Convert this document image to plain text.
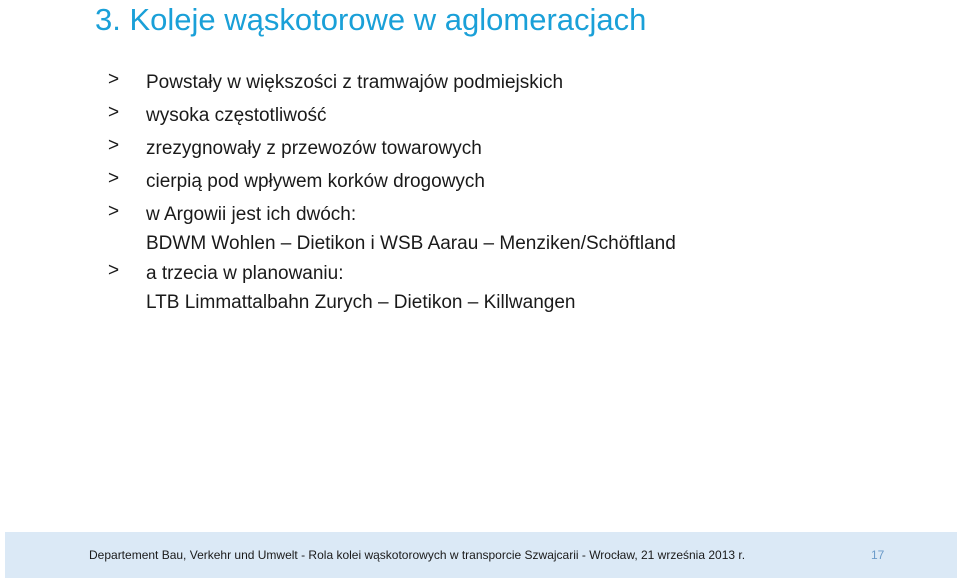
3. Koleje wąskotorowe w aglomeracjach
> Powstały w większości z tramwajów podmiejskich
> wysoka częstotliwość
> zrezygnowały z przewozów towarowych
> cierpią pod wpływem korków drogowych
> w Argowii jest ich dwóch:
BDWM Wohlen – Dietikon i WSB Aarau – Menziken/Schöftland
> a trzecia w planowaniu:
LTB Limmattalbahn Zurych – Dietikon – Killwangen
Departement Bau, Verkehr und Umwelt - Rola kolei wąskotorowych w transporcie Szwajcarii - Wrocław, 21 września 2013 r.	17
